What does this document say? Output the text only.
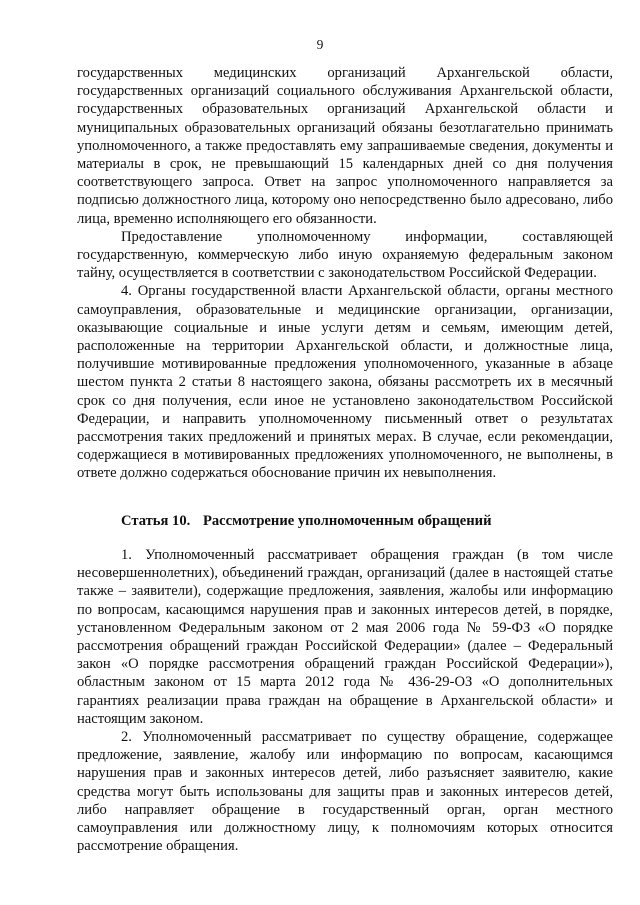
9

государственных медицинских организаций Архангельской области, государственных организаций социального обслуживания Архангельской области, государственных образовательных организаций Архангельской области и муниципальных образовательных организаций обязаны безотлагательно принимать уполномоченного, а также предоставлять ему запрашиваемые сведения, документы и материалы в срок, не превышающий 15 календарных дней со дня получения соответствующего запроса. Ответ на запрос уполномоченного направляется за подписью должностного лица, которому оно непосредственно было адресовано, либо лица, временно исполняющего его обязанности.

Предоставление уполномоченному информации, составляющей государственную, коммерческую либо иную охраняемую федеральным законом тайну, осуществляется в соответствии с законодательством Российской Федерации.

4. Органы государственной власти Архангельской области, органы местного самоуправления, образовательные и медицинские организации, организации, оказывающие социальные и иные услуги детям и семьям, имеющим детей, расположенные на территории Архангельской области, и должностные лица, получившие мотивированные предложения уполномоченного, указанные в абзаце шестом пункта 2 статьи 8 настоящего закона, обязаны рассмотреть их в месячный срок со дня получения, если иное не установлено законодательством Российской Федерации, и направить уполномоченному письменный ответ о результатах рассмотрения таких предложений и принятых мерах. В случае, если рекомендации, содержащиеся в мотивированных предложениях уполномоченного, не выполнены, в ответе должно содержаться обоснование причин их невыполнения.

Статья 10. Рассмотрение уполномоченным обращений

1. Уполномоченный рассматривает обращения граждан (в том числе несовершеннолетних), объединений граждан, организаций (далее в настоящей статье также – заявители), содержащие предложения, заявления, жалобы или информацию по вопросам, касающимся нарушения прав и законных интересов детей, в порядке, установленном Федеральным законом от 2 мая 2006 года № 59-ФЗ «О порядке рассмотрения обращений граждан Российской Федерации» (далее – Федеральный закон «О порядке рассмотрения обращений граждан Российской Федерации»), областным законом от 15 марта 2012 года № 436-29-ОЗ «О дополнительных гарантиях реализации права граждан на обращение в Архангельской области» и настоящим законом.

2. Уполномоченный рассматривает по существу обращение, содержащее предложение, заявление, жалобу или информацию по вопросам, касающимся нарушения прав и законных интересов детей, либо разъясняет заявителю, какие средства могут быть использованы для защиты прав и законных интересов детей, либо направляет обращение в государственный орган, орган местного самоуправления или должностному лицу, к полномочиям которых относится рассмотрение обращения.
